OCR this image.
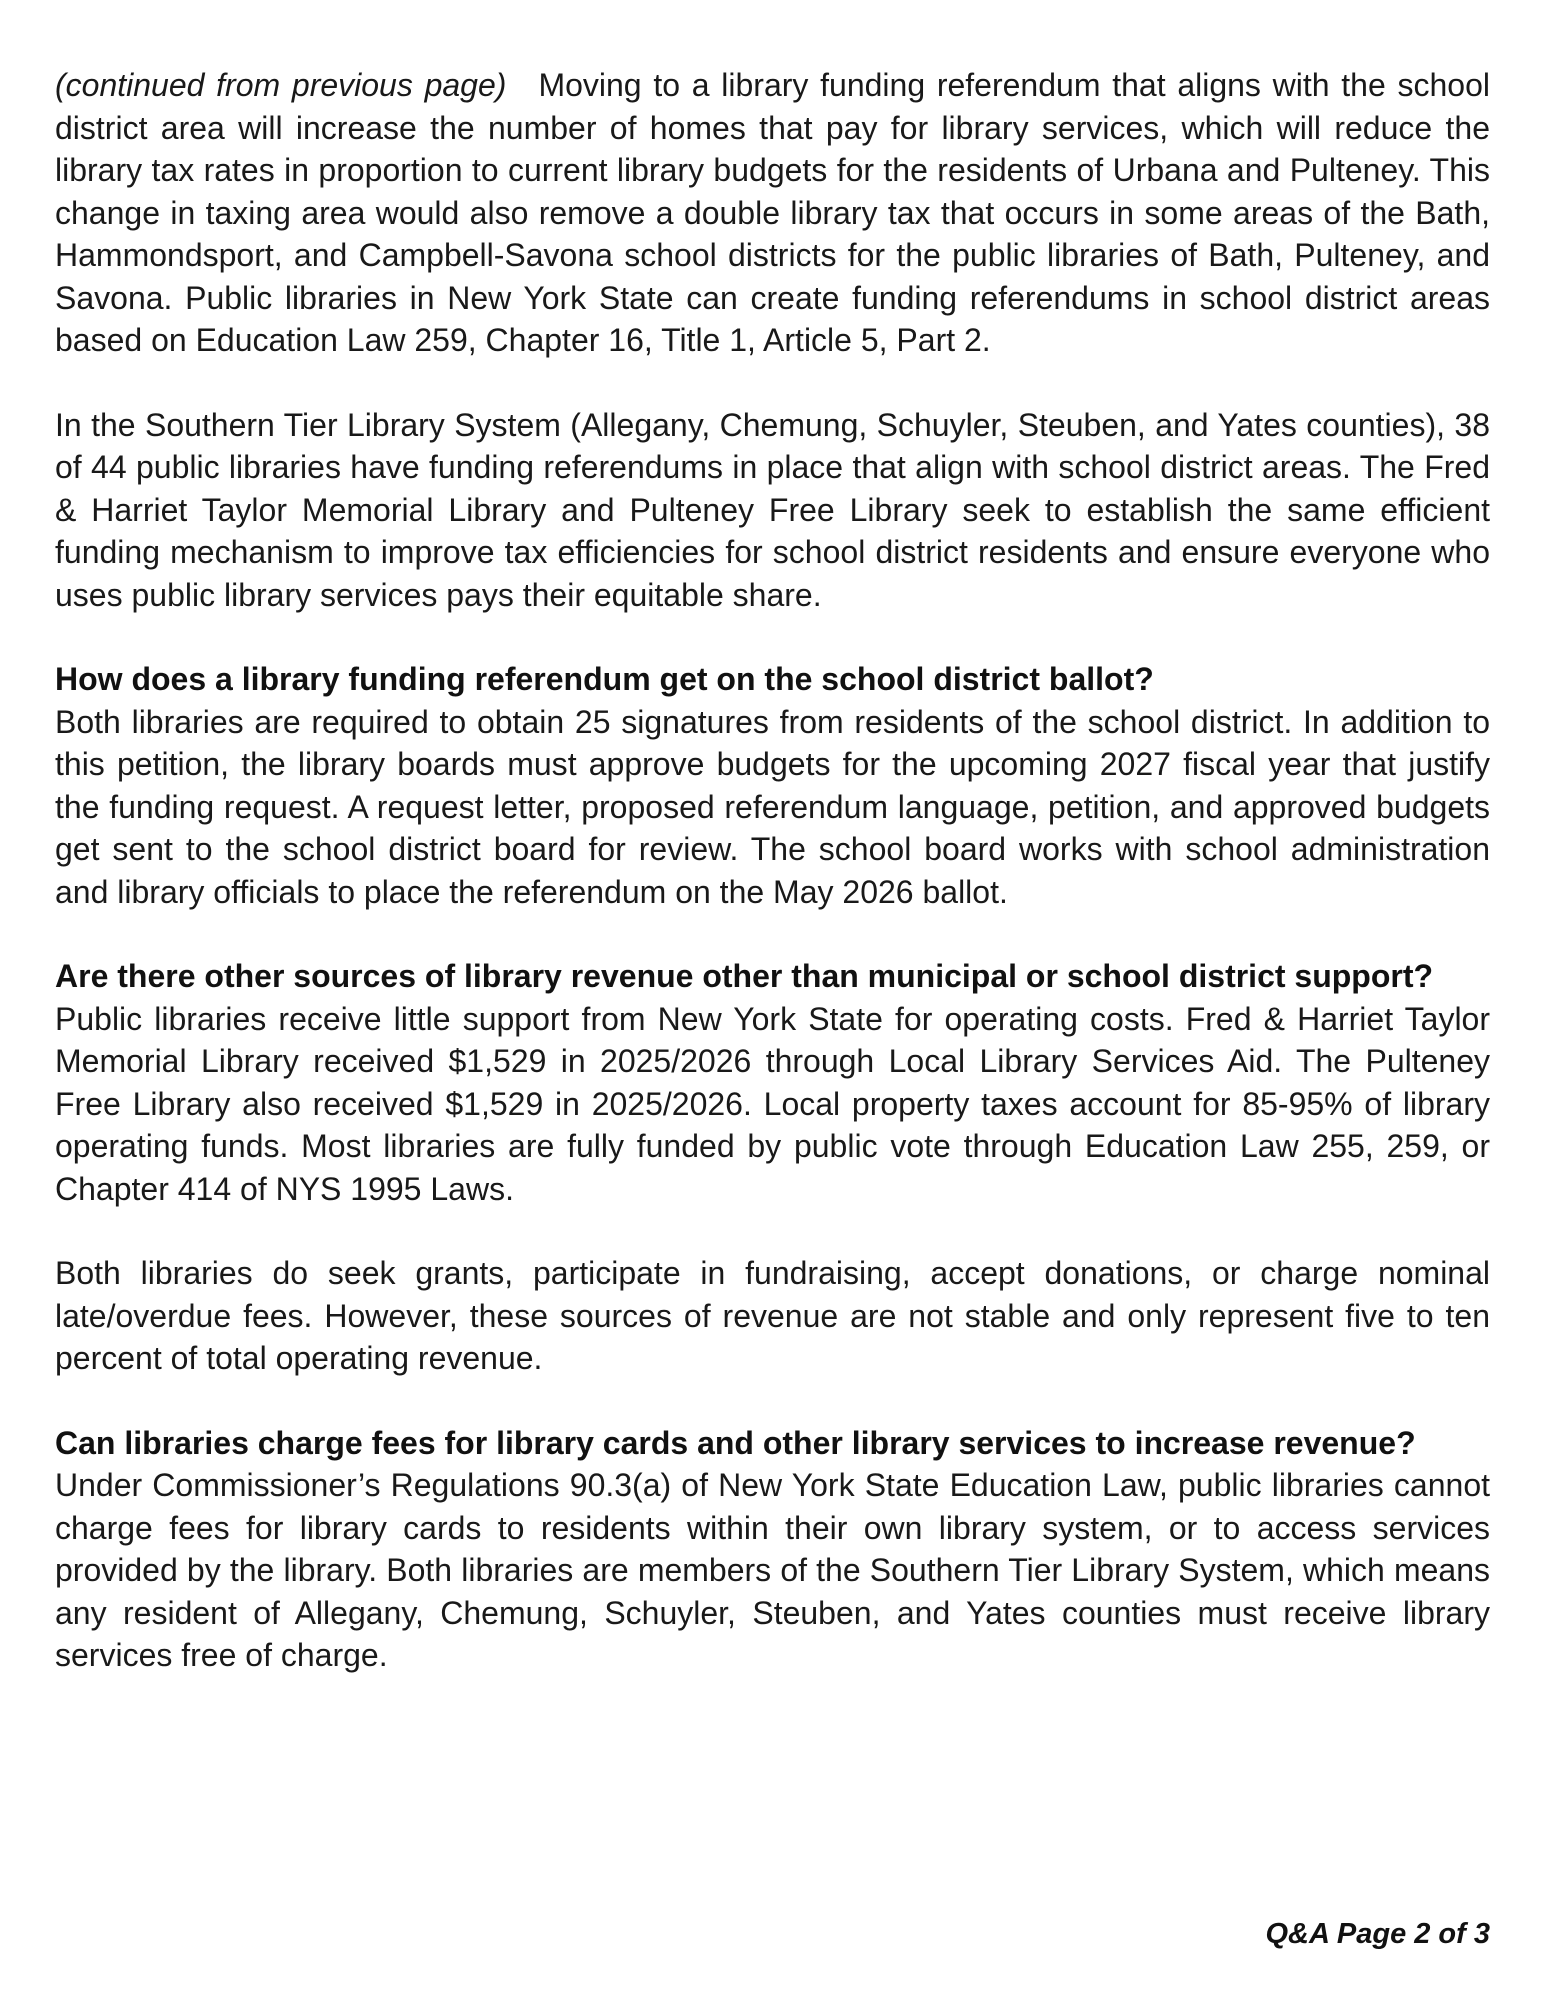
(continued from previous page) Moving to a library funding referendum that aligns with the school district area will increase the number of homes that pay for library services, which will reduce the library tax rates in proportion to current library budgets for the residents of Urbana and Pulteney. This change in taxing area would also remove a double library tax that occurs in some areas of the Bath, Hammondsport, and Campbell-Savona school districts for the public libraries of Bath, Pulteney, and Savona. Public libraries in New York State can create funding referendums in school district areas based on Education Law 259, Chapter 16, Title 1, Article 5, Part 2.

In the Southern Tier Library System (Allegany, Chemung, Schuyler, Steuben, and Yates counties), 38 of 44 public libraries have funding referendums in place that align with school district areas. The Fred & Harriet Taylor Memorial Library and Pulteney Free Library seek to establish the same efficient funding mechanism to improve tax efficiencies for school district residents and ensure everyone who uses public library services pays their equitable share.

How does a library funding referendum get on the school district ballot?

Both libraries are required to obtain 25 signatures from residents of the school district. In addition to this petition, the library boards must approve budgets for the upcoming 2027 fiscal year that justify the funding request. A request letter, proposed referendum language, petition, and approved budgets get sent to the school district board for review. The school board works with school administration and library officials to place the referendum on the May 2026 ballot.

Are there other sources of library revenue other than municipal or school district support?

Public libraries receive little support from New York State for operating costs. Fred & Harriet Taylor Memorial Library received $1,529 in 2025/2026 through Local Library Services Aid. The Pulteney Free Library also received $1,529 in 2025/2026. Local property taxes account for 85-95% of library operating funds. Most libraries are fully funded by public vote through Education Law 255, 259, or Chapter 414 of NYS 1995 Laws.

Both libraries do seek grants, participate in fundraising, accept donations, or charge nominal late/overdue fees. However, these sources of revenue are not stable and only represent five to ten percent of total operating revenue.

Can libraries charge fees for library cards and other library services to increase revenue?

Under Commissioner’s Regulations 90.3(a) of New York State Education Law, public libraries cannot charge fees for library cards to residents within their own library system, or to access services provided by the library. Both libraries are members of the Southern Tier Library System, which means any resident of Allegany, Chemung, Schuyler, Steuben, and Yates counties must receive library services free of charge.

Q&A Page 2 of 3
